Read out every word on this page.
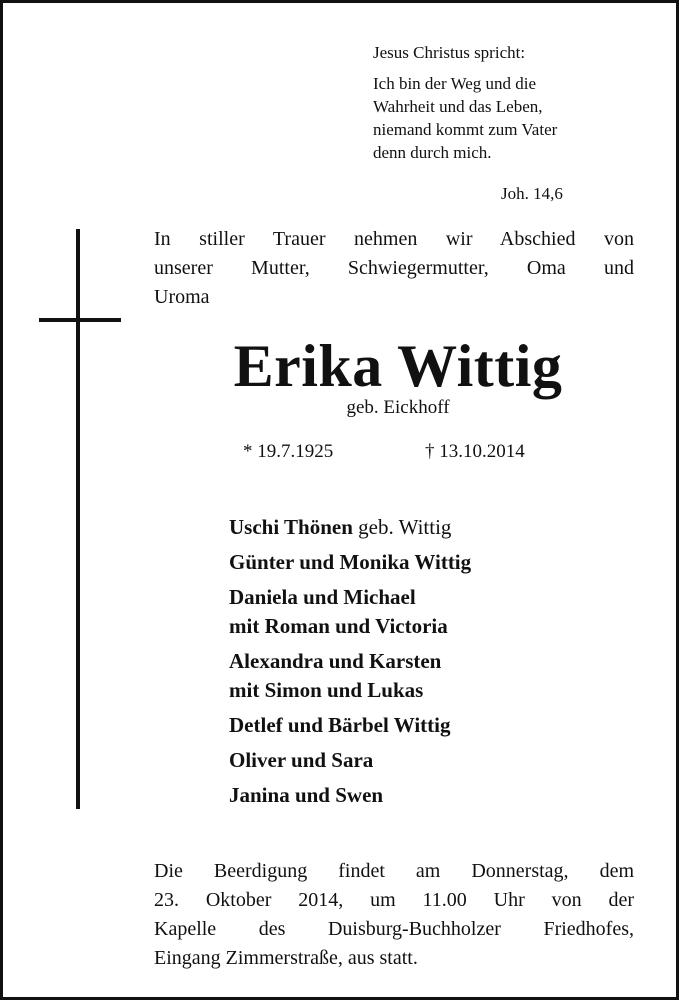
Jesus Christus spricht:

Ich bin der Weg und die

Wahrheit und das Leben,

niemand kommt zum Vater

denn durch mich.

Joh. 14,6

In stiller Trauer nehmen wir Abschied von
unserer Mutter, Schwiegermutter, Oma und
Uroma

Erika Wittig
geb. Eickhoff
* 19.7.1925	† 13.10.2014

Uschi Thönen geb. Wittig

Günter und Monika Wittig

Daniela und Michael
mit Roman und Victoria

Alexandra und Karsten
mit Simon und Lukas

Detlef und Bärbel Wittig

Oliver und Sara

Janina und Swen

Die Beerdigung findet am Donnerstag, dem
23. Oktober 2014, um 11.00 Uhr von der
Kapelle des Duisburg-Buchholzer Friedhofes,
Eingang Zimmerstraße, aus statt.
